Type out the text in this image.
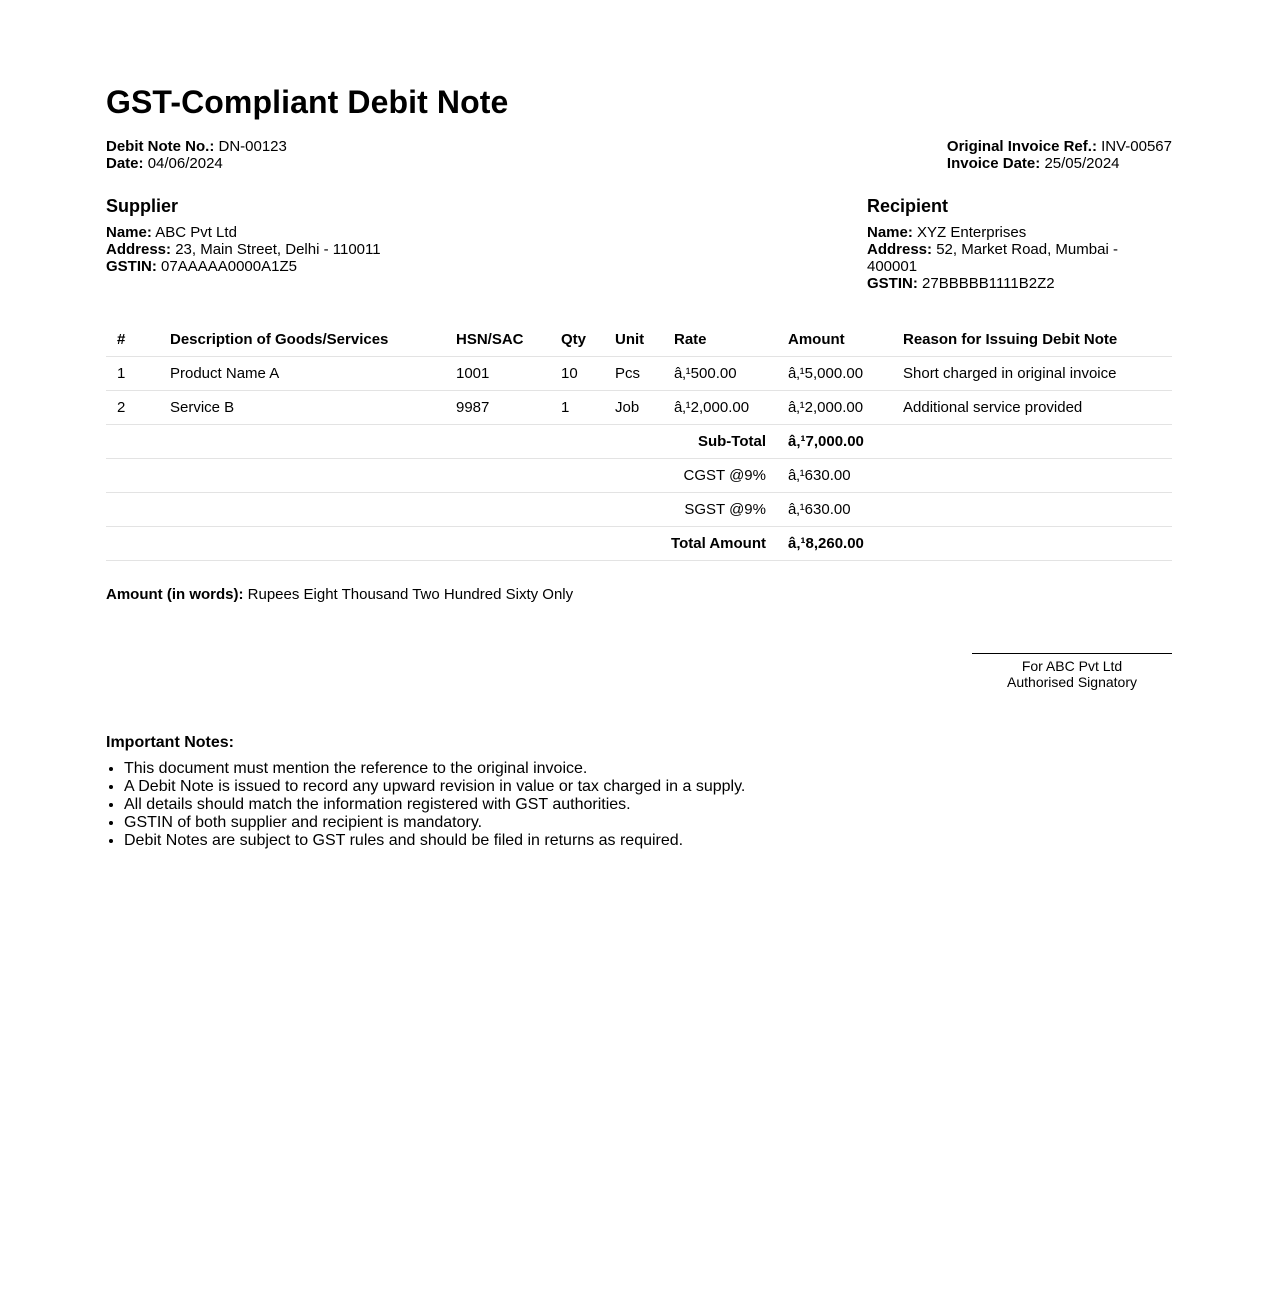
GST-Compliant Debit Note
Debit Note No.: DN-00123
Date: 04/06/2024
Original Invoice Ref.: INV-00567
Invoice Date: 25/05/2024
Supplier
Name: ABC Pvt Ltd
Address: 23, Main Street, Delhi - 110011
GSTIN: 07AAAAA0000A1Z5
Recipient
Name: XYZ Enterprises
Address: 52, Market Road, Mumbai - 400001
GSTIN: 27BBBBB1111B2Z2
#	Description of Goods/Services	HSN/SAC	Qty	Unit	Rate	Amount	Reason for Issuing Debit Note
1	Product Name A	1001	10	Pcs	â‚¹500.00	â‚¹5,000.00	Short charged in original invoice
2	Service B	9987	1	Job	â‚¹2,000.00	â‚¹2,000.00	Additional service provided
Sub-Total						â‚¹7,000.00	
CGST @9%						â‚¹630.00	
SGST @9%						â‚¹630.00	
Total Amount						â‚¹8,260.00	
Amount (in words): Rupees Eight Thousand Two Hundred Sixty Only
For ABC Pvt Ltd
Authorised Signatory
Important Notes:
• This document must mention the reference to the original invoice.
• A Debit Note is issued to record any upward revision in value or tax charged in a supply.
• All details should match the information registered with GST authorities.
• GSTIN of both supplier and recipient is mandatory.
• Debit Notes are subject to GST rules and should be filed in returns as required.
